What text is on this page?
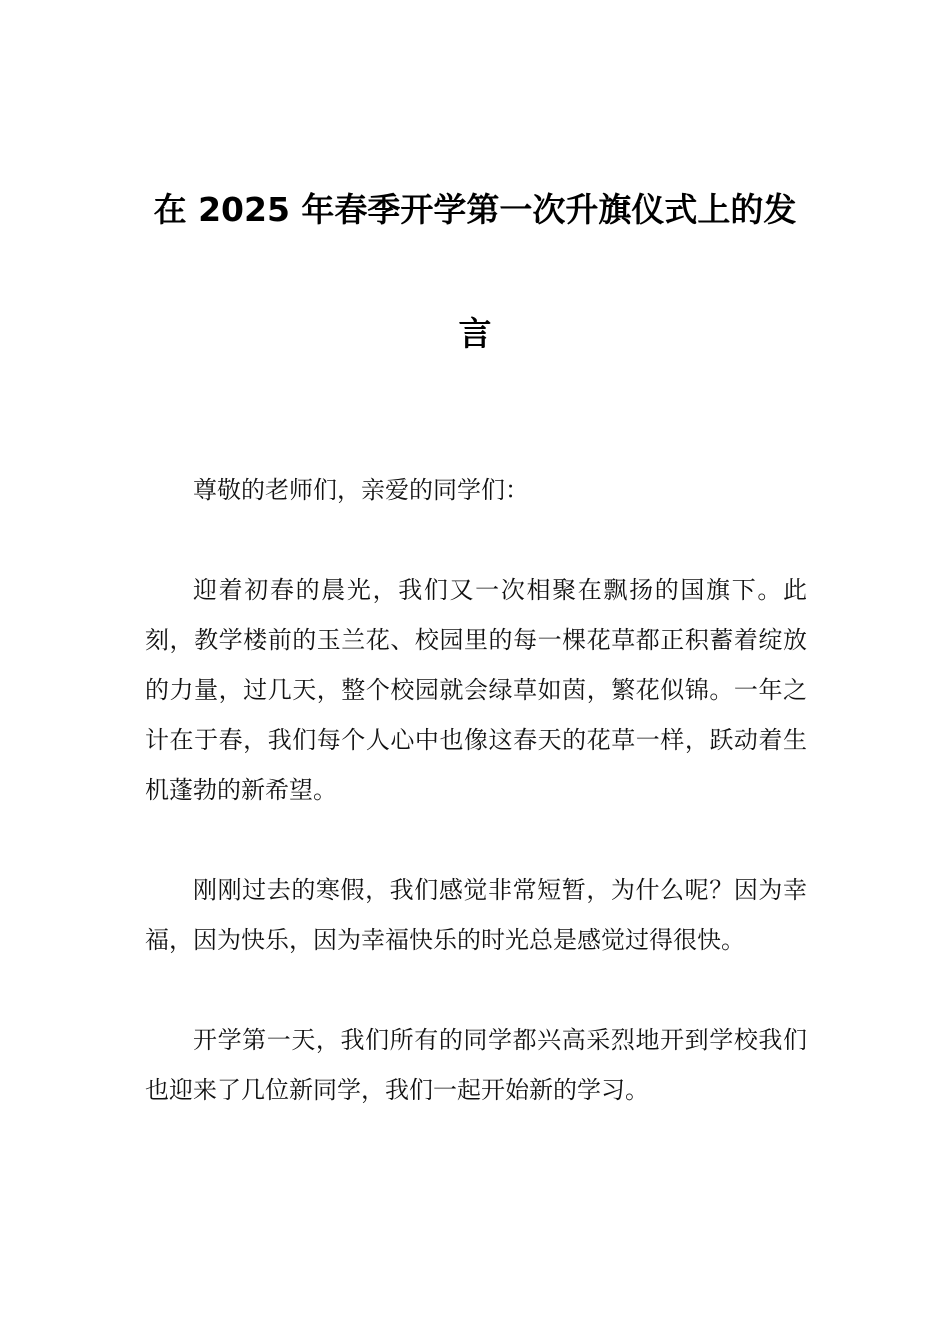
在 2025 年春季开学第一次升旗仪式上的发言

尊敬的老师们，亲爱的同学们：

迎着初春的晨光，我们又一次相聚在飘扬的国旗下。此刻，教学楼前的玉兰花、校园里的每一棵花草都正积蓄着绽放的力量，过几天，整个校园就会绿草如茵，繁花似锦。一年之计在于春，我们每个人心中也像这春天的花草一样，跃动着生机蓬勃的新希望。

刚刚过去的寒假，我们感觉非常短暂，为什么呢？因为幸福，因为快乐，因为幸福快乐的时光总是感觉过得很快。

开学第一天，我们所有的同学都兴高采烈地开到学校我们也迎来了几位新同学，我们一起开始新的学习。
